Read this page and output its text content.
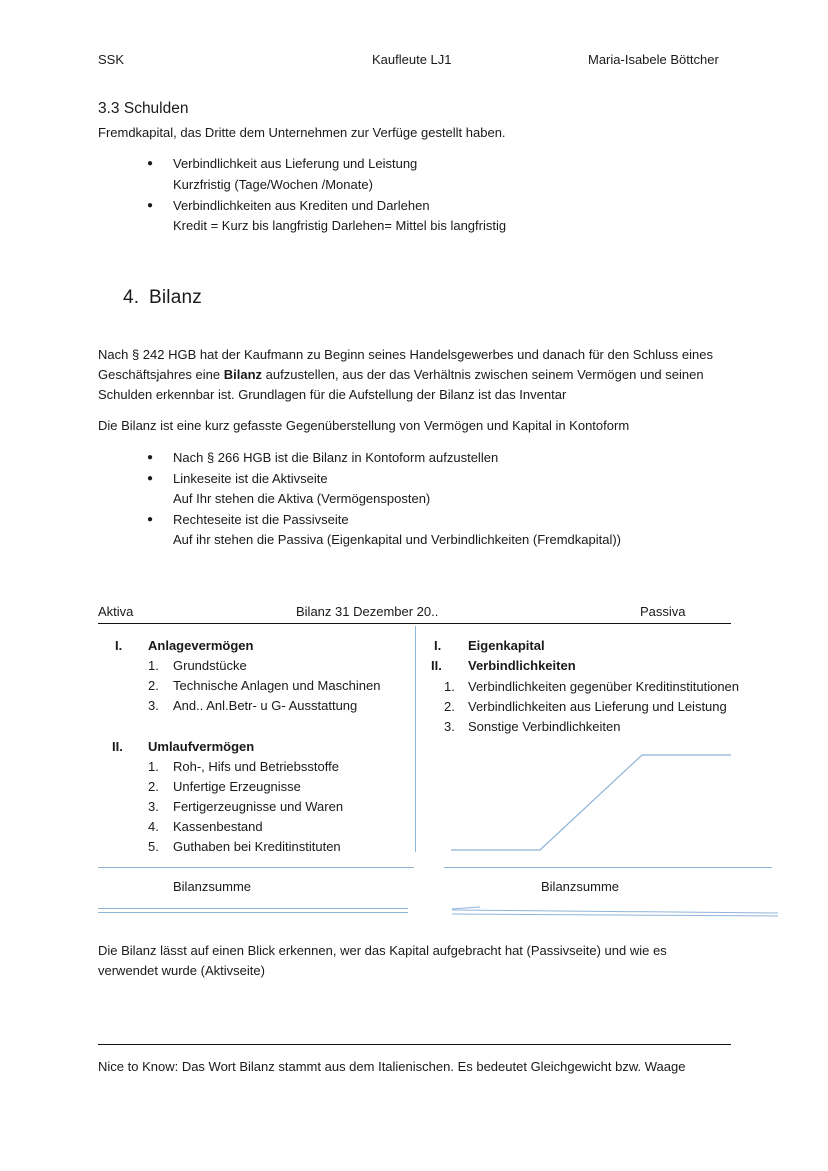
SSK	Kaufleute LJ1	Maria-Isabele Böttcher
3.3 Schulden
Fremdkapital, das Dritte dem Unternehmen zur Verfüge gestellt haben.
● Verbindlichkeit aus Lieferung und Leistung
Kurzfristig (Tage/Wochen /Monate)
● Verbindlichkeiten aus Krediten und Darlehen
Kredit = Kurz bis langfristig Darlehen= Mittel bis langfristig
4. Bilanz
Nach § 242 HGB hat der Kaufmann zu Beginn seines Handelsgewerbes und danach für den Schluss eines Geschäftsjahres eine Bilanz aufzustellen, aus der das Verhältnis zwischen seinem Vermögen und seinen Schulden erkennbar ist. Grundlagen für die Aufstellung der Bilanz ist das Inventar
Die Bilanz ist eine kurz gefasste Gegenüberstellung von Vermögen und Kapital in Kontoform
● Nach § 266 HGB ist die Bilanz in Kontoform aufzustellen
● Linkeseite ist die Aktivseite
Auf Ihr stehen die Aktiva (Vermögensposten)
● Rechteseite ist die Passivseite
Auf ihr stehen die Passiva (Eigenkapital und Verbindlichkeiten (Fremdkapital))
Aktiva	Bilanz 31 Dezember 20..	Passiva
I. Anlagevermögen
1. Grundstücke
2. Technische Anlagen und Maschinen
3. And.. Anl.Betr- u G- Ausstattung
II. Umlaufvermögen
1. Roh-, Hifs und Betriebsstoffe
2. Unfertige Erzeugnisse
3. Fertigerzeugnisse und Waren
4. Kassenbestand
5. Guthaben bei Kreditinstituten
I. Eigenkapital
II. Verbindlichkeiten
1. Verbindlichkeiten gegenüber Kreditinstitutionen
2. Verbindlichkeiten aus Lieferung und Leistung
3. Sonstige Verbindlichkeiten
Bilanzsumme	Bilanzsumme
Die Bilanz lässt auf einen Blick erkennen, wer das Kapital aufgebracht hat (Passivseite) und wie es verwendet wurde (Aktivseite)
Nice to Know: Das Wort Bilanz stammt aus dem Italienischen. Es bedeutet Gleichgewicht bzw. Waage
